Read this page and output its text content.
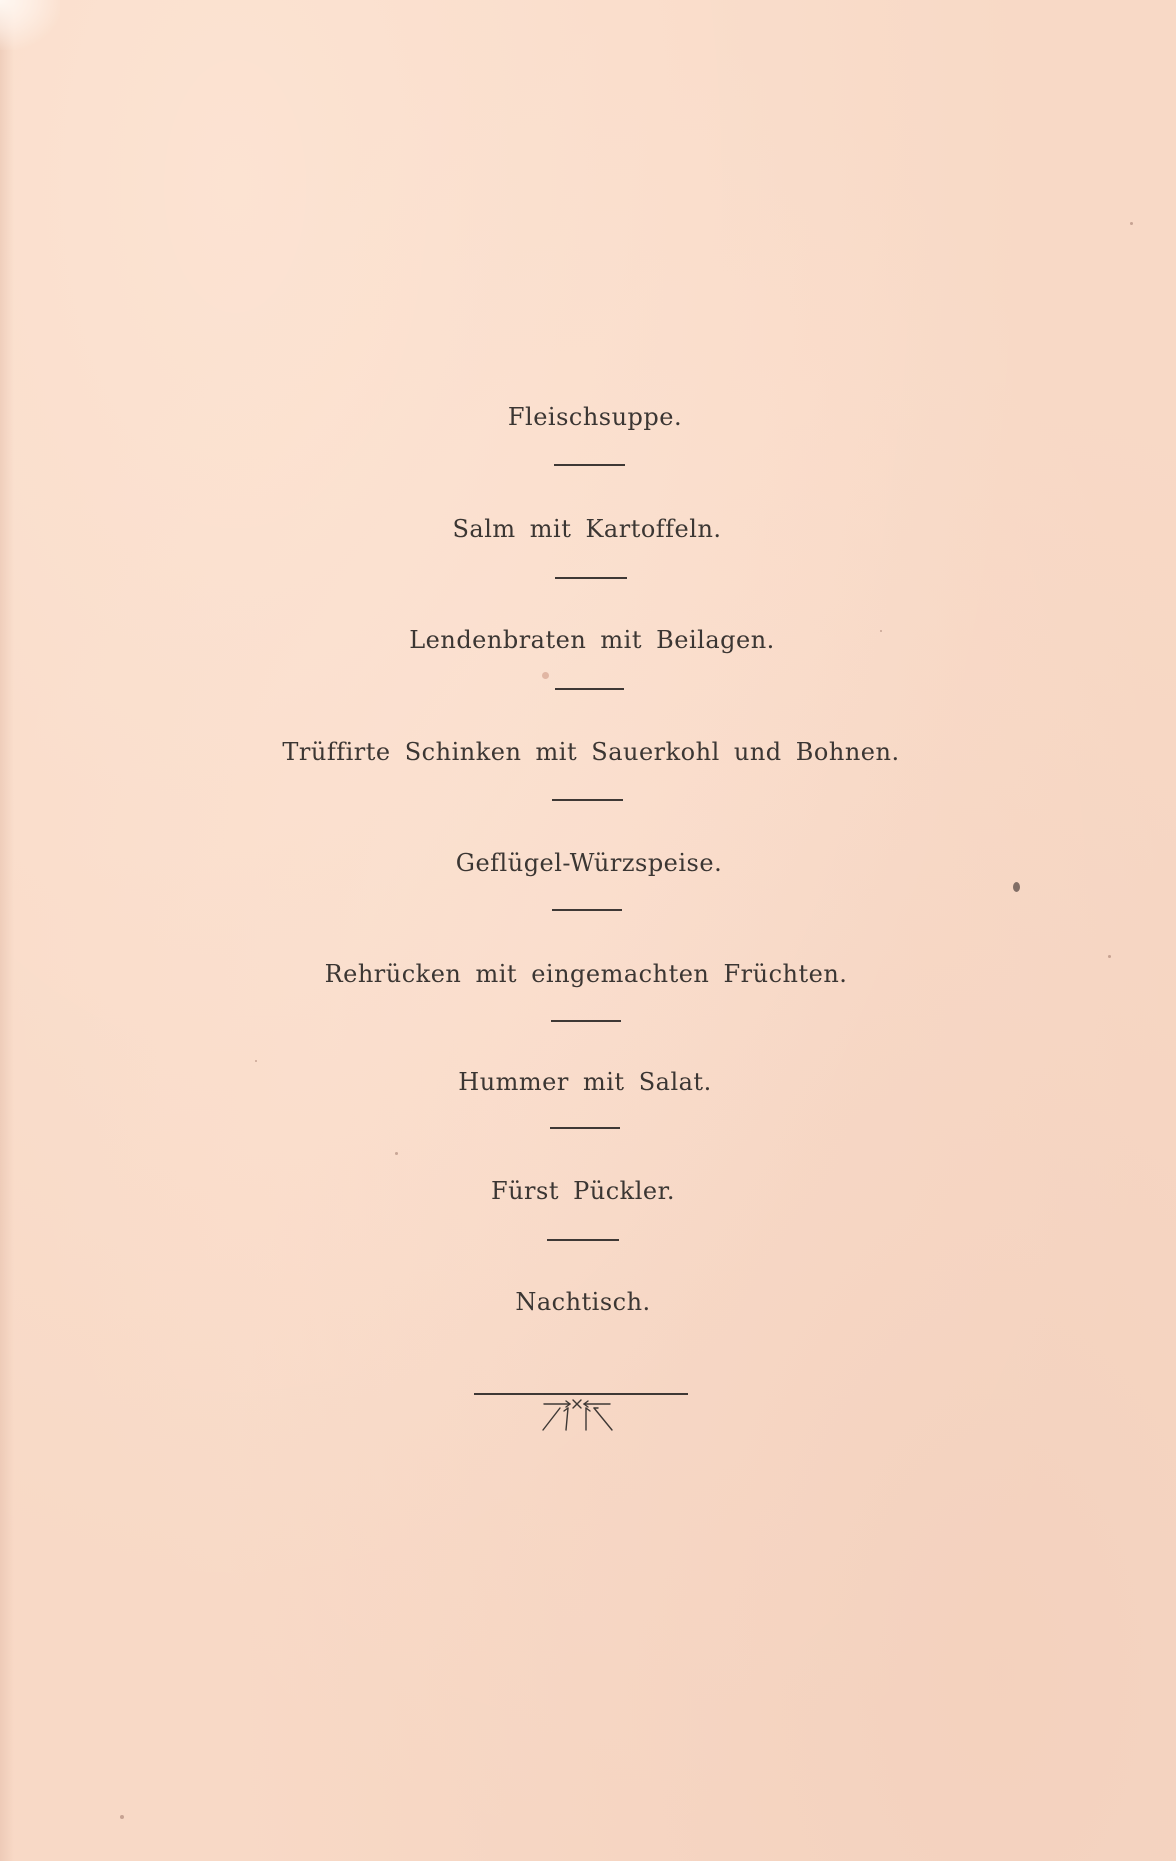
Fleischsuppe.
Salm mit Kartoffeln.
Lendenbraten mit Beilagen.
Trüffirte Schinken mit Sauerkohl und Bohnen.
Geflügel-Würzspeise.
Rehrücken mit eingemachten Früchten.
Hummer mit Salat.
Fürst Pückler.
Nachtisch.
